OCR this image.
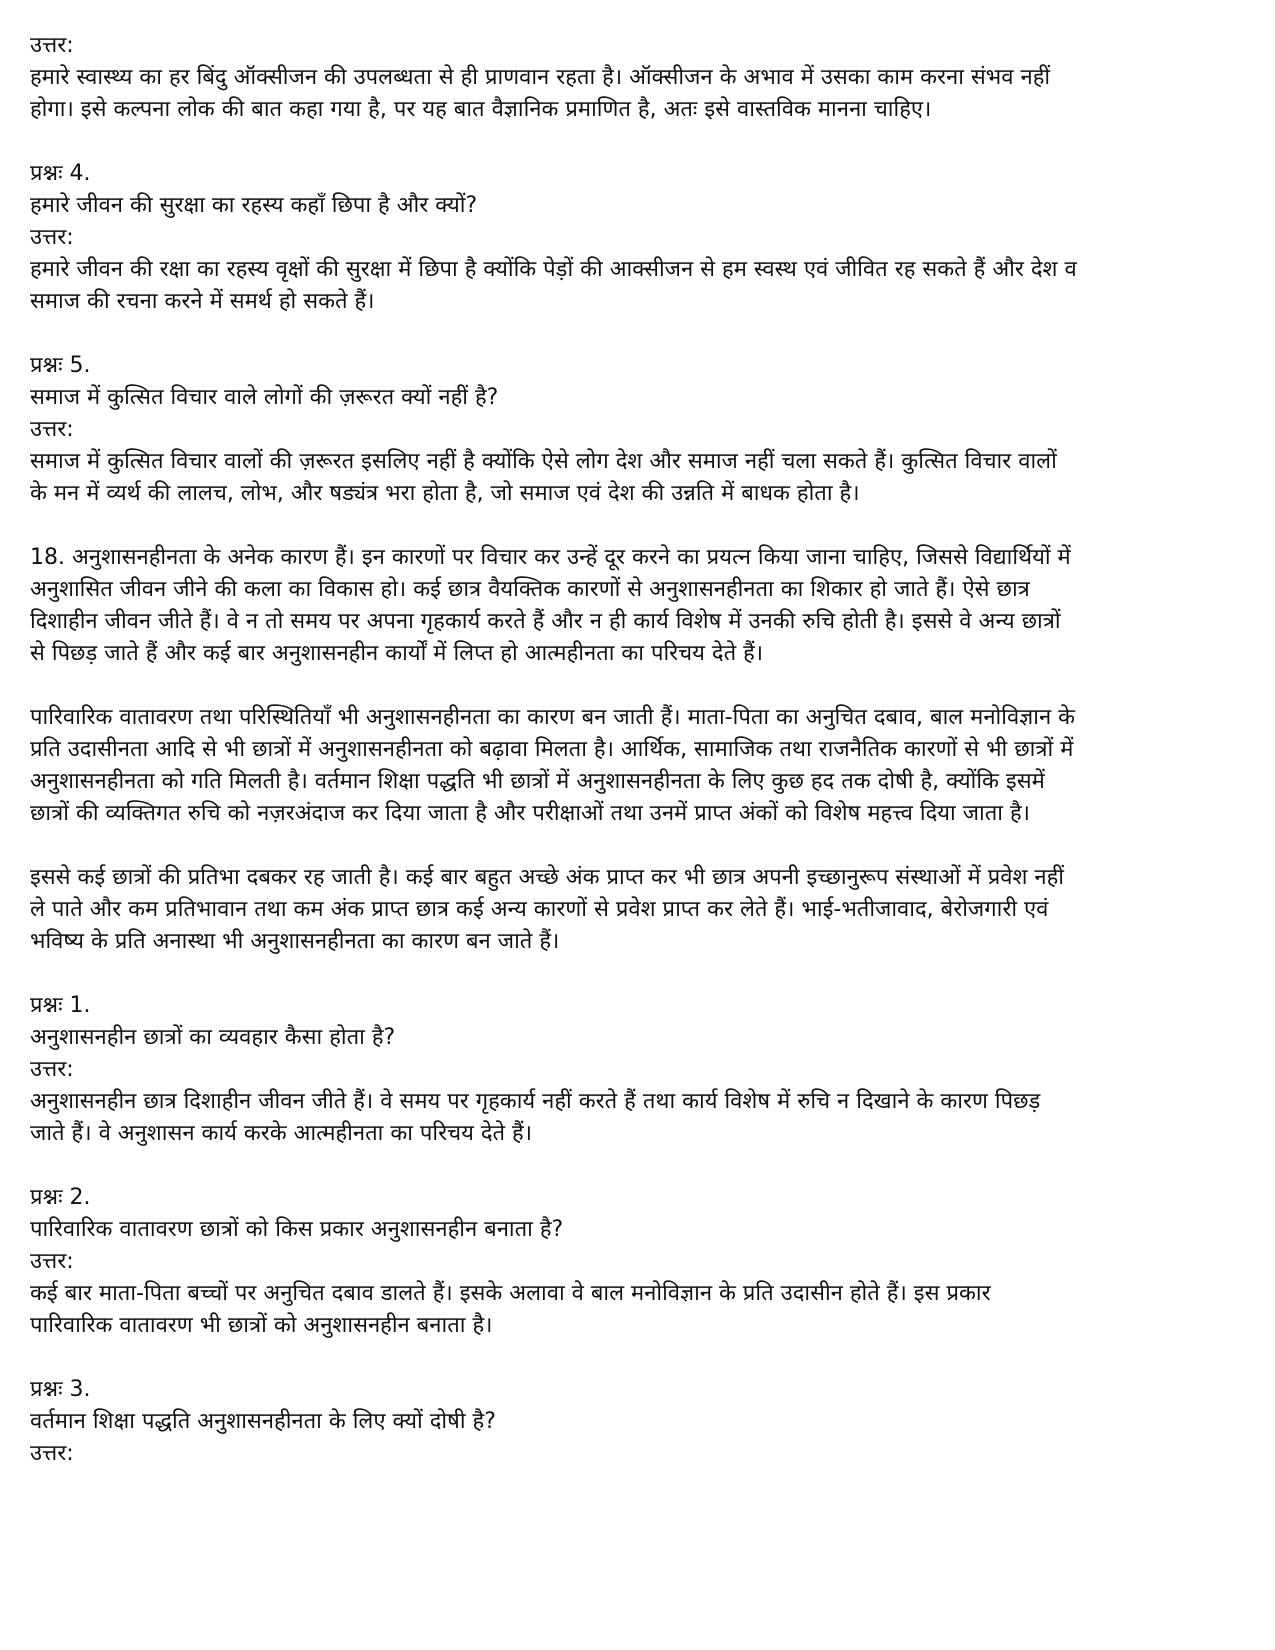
उत्तर:

हमारे स्वास्थ्य का हर बिंदु ऑक्सीजन की उपलब्धता से ही प्राणवान रहता है। ऑक्सीजन के अभाव में उसका काम करना संभव नहीं

होगा। इसे कल्पना लोक की बात कहा गया है, पर यह बात वैज्ञानिक प्रमाणित है, अतः इसे वास्तविक मानना चाहिए।

प्रश्नः 4.

हमारे जीवन की सुरक्षा का रहस्य कहाँ छिपा है और क्यों?

उत्तर:

हमारे जीवन की रक्षा का रहस्य वृक्षों की सुरक्षा में छिपा है क्योंकि पेड़ों की आक्सीजन से हम स्वस्थ एवं जीवित रह सकते हैं और देश व

समाज की रचना करने में समर्थ हो सकते हैं।

प्रश्नः 5.

समाज में कुत्सित विचार वाले लोगों की ज़रूरत क्यों नहीं है?

उत्तर:

समाज में कुत्सित विचार वालों की ज़रूरत इसलिए नहीं है क्योंकि ऐसे लोग देश और समाज नहीं चला सकते हैं। कुत्सित विचार वालों

के मन में व्यर्थ की लालच, लोभ, और षड्यंत्र भरा होता है, जो समाज एवं देश की उन्नति में बाधक होता है।

18. अनुशासनहीनता के अनेक कारण हैं। इन कारणों पर विचार कर उन्हें दूर करने का प्रयत्न किया जाना चाहिए, जिससे विद्यार्थियों में

अनुशासित जीवन जीने की कला का विकास हो। कई छात्र वैयक्तिक कारणों से अनुशासनहीनता का शिकार हो जाते हैं। ऐसे छात्र

दिशाहीन जीवन जीते हैं। वे न तो समय पर अपना गृहकार्य करते हैं और न ही कार्य विशेष में उनकी रुचि होती है। इससे वे अन्य छात्रों

से पिछड़ जाते हैं और कई बार अनुशासनहीन कार्यों में लिप्त हो आत्महीनता का परिचय देते हैं।

पारिवारिक वातावरण तथा परिस्थितियाँ भी अनुशासनहीनता का कारण बन जाती हैं। माता-पिता का अनुचित दबाव, बाल मनोविज्ञान के

प्रति उदासीनता आदि से भी छात्रों में अनुशासनहीनता को बढ़ावा मिलता है। आर्थिक, सामाजिक तथा राजनैतिक कारणों से भी छात्रों में

अनुशासनहीनता को गति मिलती है। वर्तमान शिक्षा पद्धति भी छात्रों में अनुशासनहीनता के लिए कुछ हद तक दोषी है, क्योंकि इसमें

छात्रों की व्यक्तिगत रुचि को नज़रअंदाज कर दिया जाता है और परीक्षाओं तथा उनमें प्राप्त अंकों को विशेष महत्त्व दिया जाता है।

इससे कई छात्रों की प्रतिभा दबकर रह जाती है। कई बार बहुत अच्छे अंक प्राप्त कर भी छात्र अपनी इच्छानुरूप संस्थाओं में प्रवेश नहीं

ले पाते और कम प्रतिभावान तथा कम अंक प्राप्त छात्र कई अन्य कारणों से प्रवेश प्राप्त कर लेते हैं। भाई-भतीजावाद, बेरोजगारी एवं

भविष्य के प्रति अनास्था भी अनुशासनहीनता का कारण बन जाते हैं।

प्रश्नः 1.

अनुशासनहीन छात्रों का व्यवहार कैसा होता है?

उत्तर:

अनुशासनहीन छात्र दिशाहीन जीवन जीते हैं। वे समय पर गृहकार्य नहीं करते हैं तथा कार्य विशेष में रुचि न दिखाने के कारण पिछड़

जाते हैं। वे अनुशासन कार्य करके आत्महीनता का परिचय देते हैं।

प्रश्नः 2.

पारिवारिक वातावरण छात्रों को किस प्रकार अनुशासनहीन बनाता है?

उत्तर:

कई बार माता-पिता बच्चों पर अनुचित दबाव डालते हैं। इसके अलावा वे बाल मनोविज्ञान के प्रति उदासीन होते हैं। इस प्रकार

पारिवारिक वातावरण भी छात्रों को अनुशासनहीन बनाता है।

प्रश्नः 3.

वर्तमान शिक्षा पद्धति अनुशासनहीनता के लिए क्यों दोषी है?

उत्तर:
